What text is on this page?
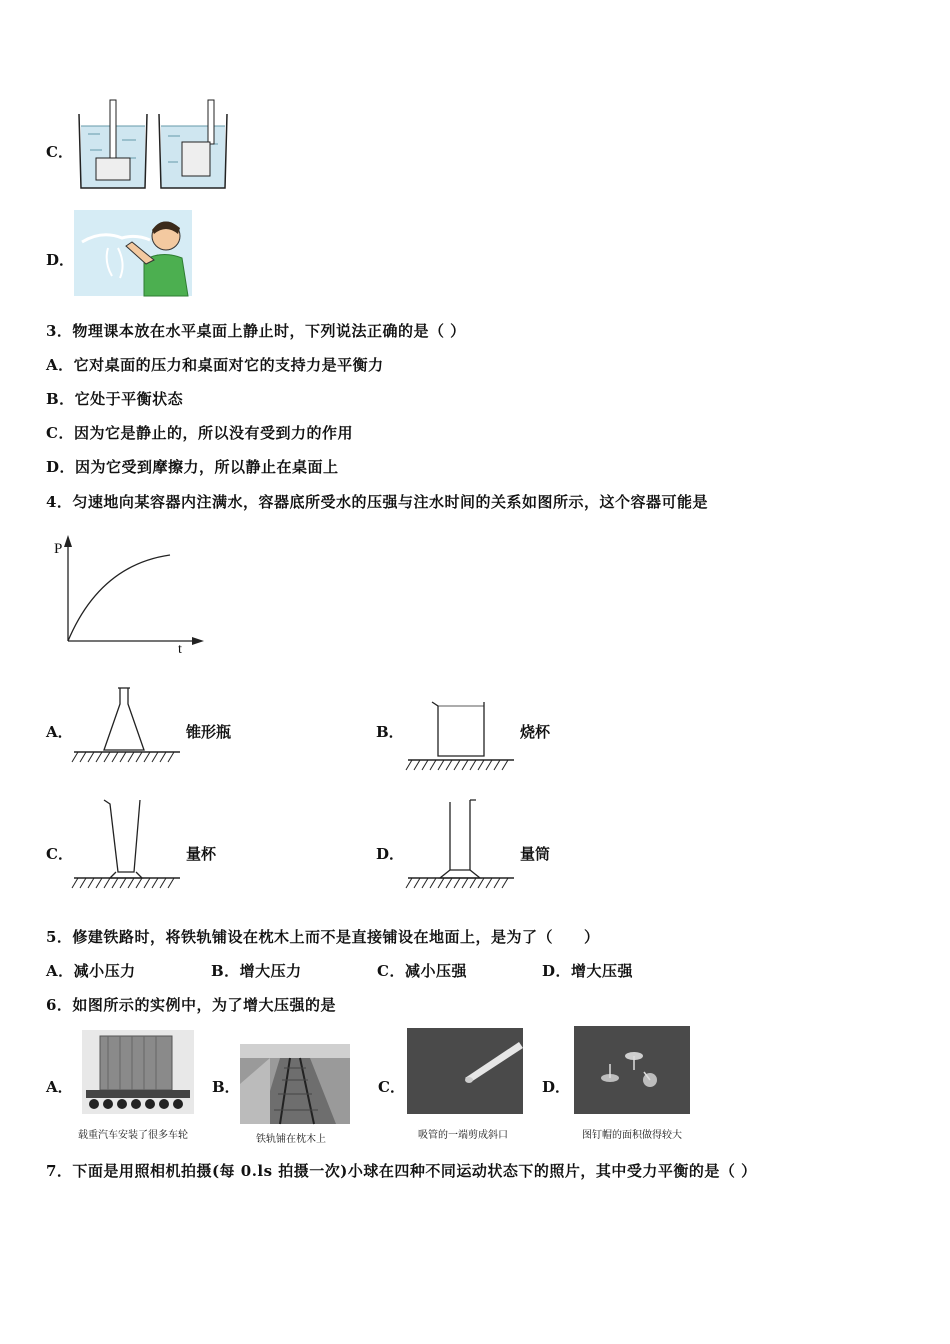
C．
D．
3．物理课本放在水平桌面上静止时，下列说法正确的是（ ）
A．它对桌面的压力和桌面对它的支持力是平衡力
B．它处于平衡状态
C．因为它是静止的，所以没有受到力的作用
D．因为它受到摩擦力，所以静止在桌面上
4．匀速地向某容器内注满水，容器底所受水的压强与注水时间的关系如图所示，这个容器可能是
P
t
A．	锥形瓶	B．	烧杯
C．	量杯	D．	量筒
5．修建铁路时，将铁轨铺设在枕木上而不是直接铺设在地面上，是为了（　　）
A．减小压力	B．增大压力	C．减小压强	D．增大压强
6．如图所示的实例中，为了增大压强的是
A．
载重汽车安装了很多车轮
B．
铁轨铺在枕木上
C．
吸管的一端剪成斜口
D．
图钉帽的面积做得较大
7．下面是用照相机拍摄(每 0.ls 拍摄一次)小球在四种不同运动状态下的照片，其中受力平衡的是（ ）
